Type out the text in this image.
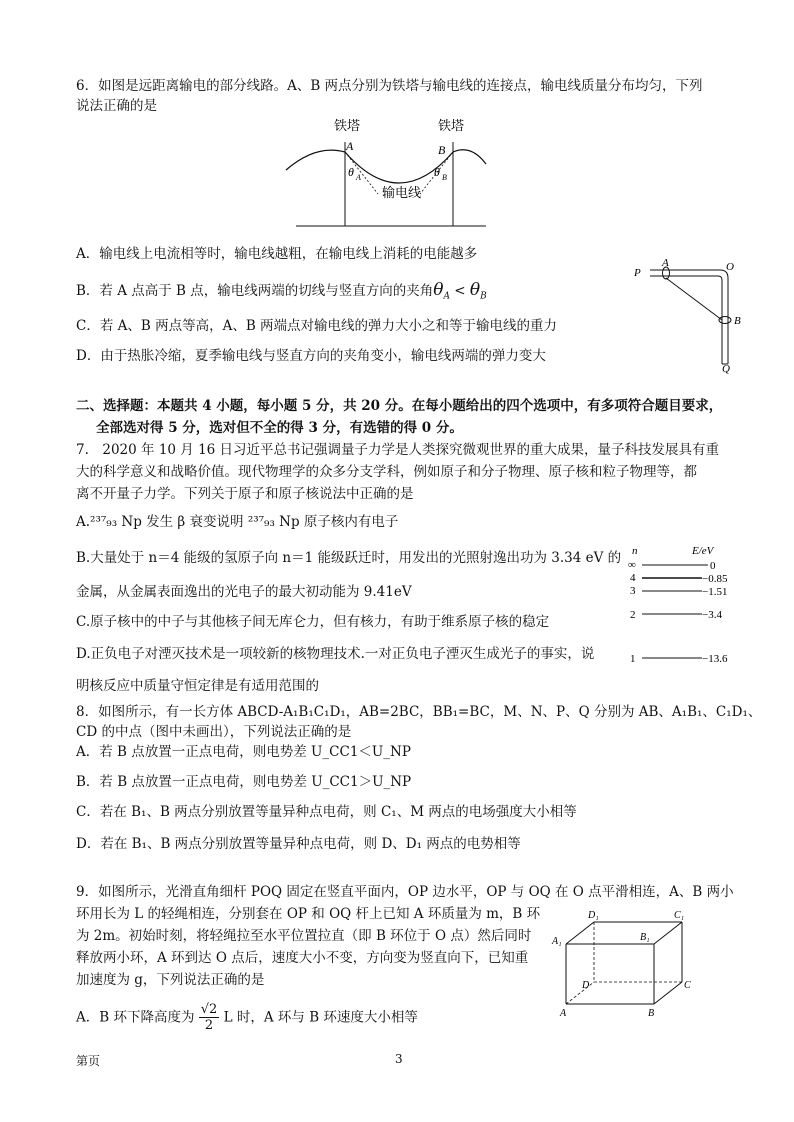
6．如图是远距离输电的部分线路。A、B 两点分别为铁塔与输电线的连接点，输电线质量分布均匀，下列
说法正确的是
铁塔	铁塔
A	B
θ A	θ B
输电线
A．输电线上电流相等时，输电线越粗，在输电线上消耗的电能越多
B．若 A 点高于 B 点，输电线两端的切线与竖直方向的夹角$\theta_A < \theta_B$
C．若 A、B 两点等高，A、B 两端点对输电线的弹力大小之和等于输电线的重力
D．由于热胀冷缩，夏季输电线与竖直方向的夹角变小，输电线两端的弹力变大
P
A	O
B
Q
二、选择题：本题共 4 小题，每小题 5 分，共 20 分。在每小题给出的四个选项中，有多项符合题目要求，
全部选对得 5 分，选对但不全的得 3 分，有选错的得 0 分。
7.　2020 年 10 月 16 日习近平总书记强调量子力学是人类探究微观世界的重大成果，量子科技发展具有重
大的科学意义和战略价值。现代物理学的众多分支学科，例如原子和分子物理、原子核和粒子物理等，都
离不开量子力学。下列关于原子和原子核说法中正确的是
A.²³⁷₉₃ Np 发生 β 衰变说明 ²³⁷₉₃ Np 原子核内有电子
B.大量处于 n＝4 能级的氢原子向 n＝1 能级跃迁时，用发出的光照射逸出功为 3.34 eV 的
金属，从金属表面逸出的光电子的最大初动能为 9.41eV
C.原子核中的中子与其他核子间无库仑力，但有核力，有助于维系原子核的稳定
D.正负电子对湮灭技术是一项较新的核物理技术.一对正负电子湮灭生成光子的事实，说
明核反应中质量守恒定律是有适用范围的
n	E/eV
∞	0
4	−0.85
3	−1.51
2	−3.4
1	−13.6
8．如图所示，有一长方体 ABCD-A₁B₁C₁D₁，AB=2BC，BB₁=BC，M、N、P、Q 分别为 AB、A₁B₁、C₁D₁、
CD 的中点（图中未画出），下列说法正确的是
A．若 B 点放置一正点电荷，则电势差 U_CC1＜U_NP
B．若 B 点放置一正点电荷，则电势差 U_CC1＞U_NP
C．若在 B₁、B 两点分别放置等量异种点电荷，则 C₁、M 两点的电场强度大小相等
D．若在 B₁、B 两点分别放置等量异种点电荷，则 D、D₁ 两点的电势相等
9．如图所示，光滑直角细杆 POQ 固定在竖直平面内，OP 边水平，OP 与 OQ 在 O 点平滑相连，A、B 两小
环用长为 L 的轻绳相连，分别套在 OP 和 OQ 杆上已知 A 环质量为 m，B 环
为 2m。初始时刻，将轻绳拉至水平位置拉直（即 B 环位于 O 点）然后同时
释放两小环，A 环到达 O 点后，速度大小不变，方向变为竖直向下，已知重
加速度为 g，下列说法正确的是
A．B 环下降高度为 $\frac{√2}{2}$ L 时，A 环与 B 环速度大小相等
D₁	C₁
A₁	B₁
D	C
A	B
第页	3
